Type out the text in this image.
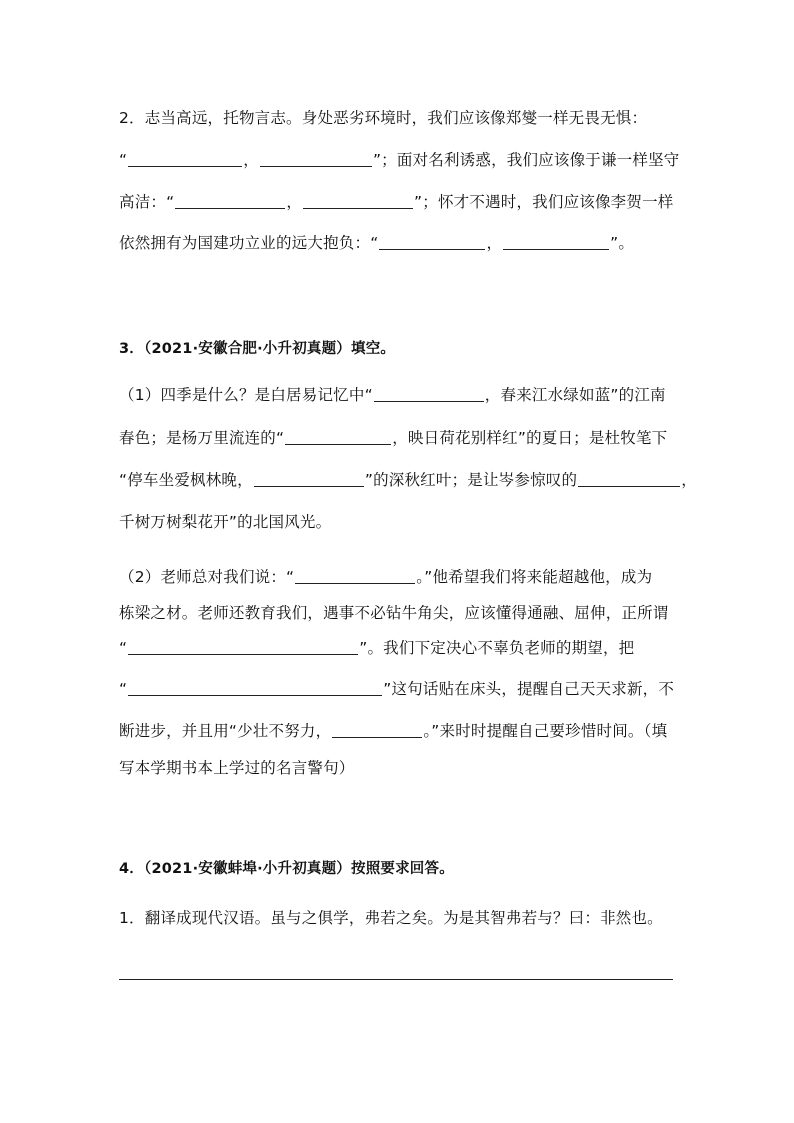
2．志当高远，托物言志。身处恶劣环境时，我们应该像郑燮一样无畏无惧：
“	，	”；面对名利诱惑，我们应该像于谦一样坚守
高洁：“	，	”；怀才不遇时，我们应该像李贺一样
依然拥有为国建功立业的远大抱负：“	，	”。
3．（2021·安徽合肥·小升初真题）填空。
（1）四季是什么？是白居易记忆中“	，春来江水绿如蓝”的江南
春色；是杨万里流连的“	，映日荷花别样红”的夏日；是杜牧笔下
“停车坐爱枫林晚，	”的深秋红叶；是让岑参惊叹的	，
千树万树梨花开”的北国风光。
（2）老师总对我们说：“	。”他希望我们将来能超越他，成为
栋梁之材。老师还教育我们，遇事不必钻牛角尖，应该懂得通融、屈伸，正所谓
“	”。我们下定决心不辜负老师的期望，把
“	”这句话贴在床头，提醒自己天天求新，不
断进步，并且用“少壮不努力，	。”来时时提醒自己要珍惜时间。（填
写本学期书本上学过的名言警句）
4．（2021·安徽蚌埠·小升初真题）按照要求回答。
1．翻译成现代汉语。虽与之俱学，弗若之矣。为是其智弗若与？曰：非然也。
